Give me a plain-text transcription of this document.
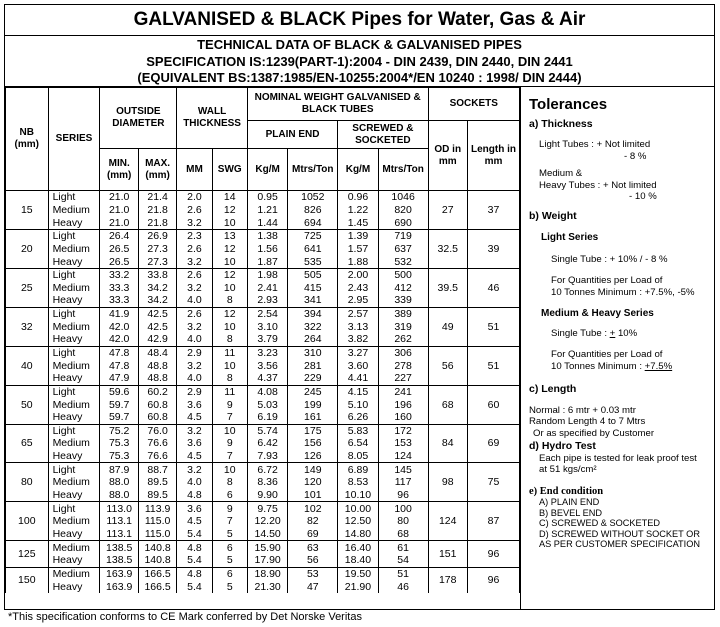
GALVANISED & BLACK Pipes for Water, Gas & Air
TECHNICAL DATA OF BLACK & GALVANISED PIPES
SPECIFICATION IS:1239(PART-1):2004 - DIN 2439, DIN 2440, DIN 2441
(EQUIVALENT BS:1387:1985/EN-10255:2004*/EN 10240 : 1998/ DIN 2444)
NB (mm)	SERIES	OUTSIDE DIAMETER		WALL THICKNESS		NOMINAL WEIGHT GALVANISED & BLACK TUBES				SOCKETS	
						PLAIN END		SCREWED & SOCKETED		OD in mm	Length in mm
		MIN. (mm)	MAX. (mm)	MM	SWG	Kg/M	Mtrs/Ton	Kg/M	Mtrs/Ton		
15	Light	21.0	21.4	2.0	14	0.95	1052	0.96	1046	27	37
	Medium	21.0	21.8	2.6	12	1.21	826	1.22	820		
	Heavy	21.0	21.8	3.2	10	1.44	694	1.45	690		
20	Light	26.4	26.9	2.3	13	1.38	725	1.39	719	32.5	39
	Medium	26.5	27.3	2.6	12	1.56	641	1.57	637		
	Heavy	26.5	27.3	3.2	10	1.87	535	1.88	532		
25	Light	33.2	33.8	2.6	12	1.98	505	2.00	500	39.5	46
	Medium	33.3	34.2	3.2	10	2.41	415	2.43	412		
	Heavy	33.3	34.2	4.0	8	2.93	341	2.95	339		
32	Light	41.9	42.5	2.6	12	2.54	394	2.57	389	49	51
	Medium	42.0	42.5	3.2	10	3.10	322	3.13	319		
	Heavy	42.0	42.9	4.0	8	3.79	264	3.82	262		
40	Light	47.8	48.4	2.9	11	3.23	310	3.27	306	56	51
	Medium	47.8	48.8	3.2	10	3.56	281	3.60	278		
	Heavy	47.9	48.8	4.0	8	4.37	229	4.41	227		
50	Light	59.6	60.2	2.9	11	4.08	245	4.15	241	68	60
	Medium	59.7	60.8	3.6	9	5.03	199	5.10	196		
	Heavy	59.7	60.8	4.5	7	6.19	161	6.26	160		
65	Light	75.2	76.0	3.2	10	5.74	175	5.83	172	84	69
	Medium	75.3	76.6	3.6	9	6.42	156	6.54	153		
	Heavy	75.3	76.6	4.5	7	7.93	126	8.05	124		
80	Light	87.9	88.7	3.2	10	6.72	149	6.89	145	98	75
	Medium	88.0	89.5	4.0	8	8.36	120	8.53	117		
	Heavy	88.0	89.5	4.8	6	9.90	101	10.10	96		
100	Light	113.0	113.9	3.6	9	9.75	102	10.00	100	124	87
	Medium	113.1	115.0	4.5	7	12.20	82	12.50	80		
	Heavy	113.1	115.0	5.4	5	14.50	69	14.80	68		
125	Medium	138.5	140.8	4.8	6	15.90	63	16.40	61	151	96
	Heavy	138.5	140.8	5.4	5	17.90	56	18.40	54		
150	Medium	163.9	166.5	4.8	6	18.90	53	19.50	51	178	96
	Heavy	163.9	166.5	5.4	5	21.30	47	21.90	46		
Tolerances
a) Thickness
Light Tubes : + Not limited
- 8 %
Medium &
Heavy Tubes : + Not limited
- 10 %
b) Weight
Light Series
Single Tube : + 10% / - 8 %
For Quantities per Load of
10 Tonnes Minimum : +7.5%, -5%
Medium & Heavy Series
Single Tube : + 10%
For Quantities per Load of
10 Tonnes Minimum : +7.5%
c) Length
Normal : 6 mtr + 0.03 mtr
Random Length 4 to 7 Mtrs
Or as specified by Customer
d) Hydro Test
Each pipe is tested for leak proof test
at 51 kgs/cm²
e) End condition
A) PLAIN END
B) BEVEL END
C) SCREWED & SOCKETED
D) SCREWED WITHOUT SOCKET OR
AS PER CUSTOMER SPECIFICATION
*This specification conforms to CE Mark conferred by Det Norske Veritas
